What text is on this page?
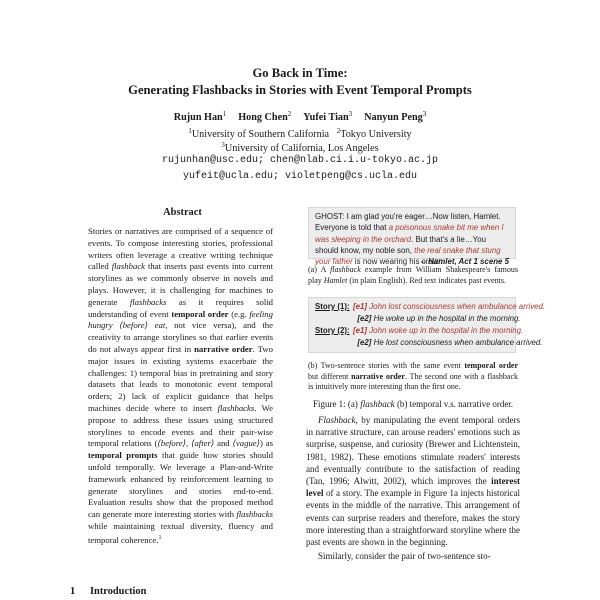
Go Back in Time:
Generating Flashbacks in Stories with Event Temporal Prompts
Rujun Han$^1$ Hong Chen$^2$ Yufei Tian$^3$ Nanyun Peng$^3$
$^1$University of Southern California $^2$Tokyo University
$^3$University of California, Los Angeles
rujunhan@usc.edu; chen@nlab.ci.i.u-tokyo.ac.jp
yufeit@ucla.edu; violetpeng@cs.ucla.edu
Abstract
Stories or narratives are comprised of a sequence of events. To compose interesting stories, professional writers often leverage a creative writing technique called flashback that inserts past events into current storylines as we commonly observe in novels and plays. However, it is challenging for machines to generate flashbacks as it requires solid understanding of event temporal order (e.g. feeling hungry ⟨before⟩ eat, not vice versa), and the creativity to arrange storylines so that earlier events do not always appear first in narrative order. Two major issues in existing systems exacerbate the challenges: 1) temporal bias in pretraining and story datasets that leads to monotonic event temporal orders; 2) lack of explicit guidance that helps machines decide where to insert flashbacks. We propose to address these issues using structured storylines to encode events and their pair-wise temporal relations (⟨before⟩, ⟨after⟩ and ⟨vague⟩) as temporal prompts that guide how stories should unfold temporally. We leverage a Plan-and-Write framework enhanced by reinforcement learning to generate storylines and stories end-to-end. Evaluation results show that the proposed method can generate more interesting stories with flashbacks while maintaining textual diversity, fluency and temporal coherence.$^1$
1 Introduction
GHOST: I am glad you're eager…Now listen, Hamlet. Everyone is told that a poisonous snake bit me when I was sleeping in the orchard. But that's a lie…You should know, my noble son, the real snake that stung your father is now wearing his crown.
-- Hamlet, Act 1 scene 5
(a) A flashback example from William Shakespeare's famous play Hamlet (in plain English). Red text indicates past events.
Story (1): [e1] John lost consciousness when ambulance arrived.
[e2] He woke up in the hospital in the morning.
Story (2): [e1] John woke up in the hospital in the morning.
[e2] He lost consciousness when ambulance arrived.
(b) Two-sentence stories with the same event temporal order but different narrative order. The second one with a flashback is intuitively more interesting than the first one.
Figure 1: (a) flashback (b) temporal v.s. narrative order.

Flashback, by manipulating the event temporal orders in narrative structure, can arouse readers' emotions such as surprise, suspense, and curiosity (Brewer and Lichtenstein, 1981, 1982). These emotions stimulate readers' interests and eventually contribute to the satisfaction of reading (Tan, 1996; Alwitt, 2002), which improves the interest level of a story. The example in Figure 1a injects historical events in the middle of the narrative. This arrangement of events can surprise readers and therefore, makes the story more interesting than a straightforward storyline where the past events are shown in the beginning.

Similarly, consider the pair of two-sentence sto-
